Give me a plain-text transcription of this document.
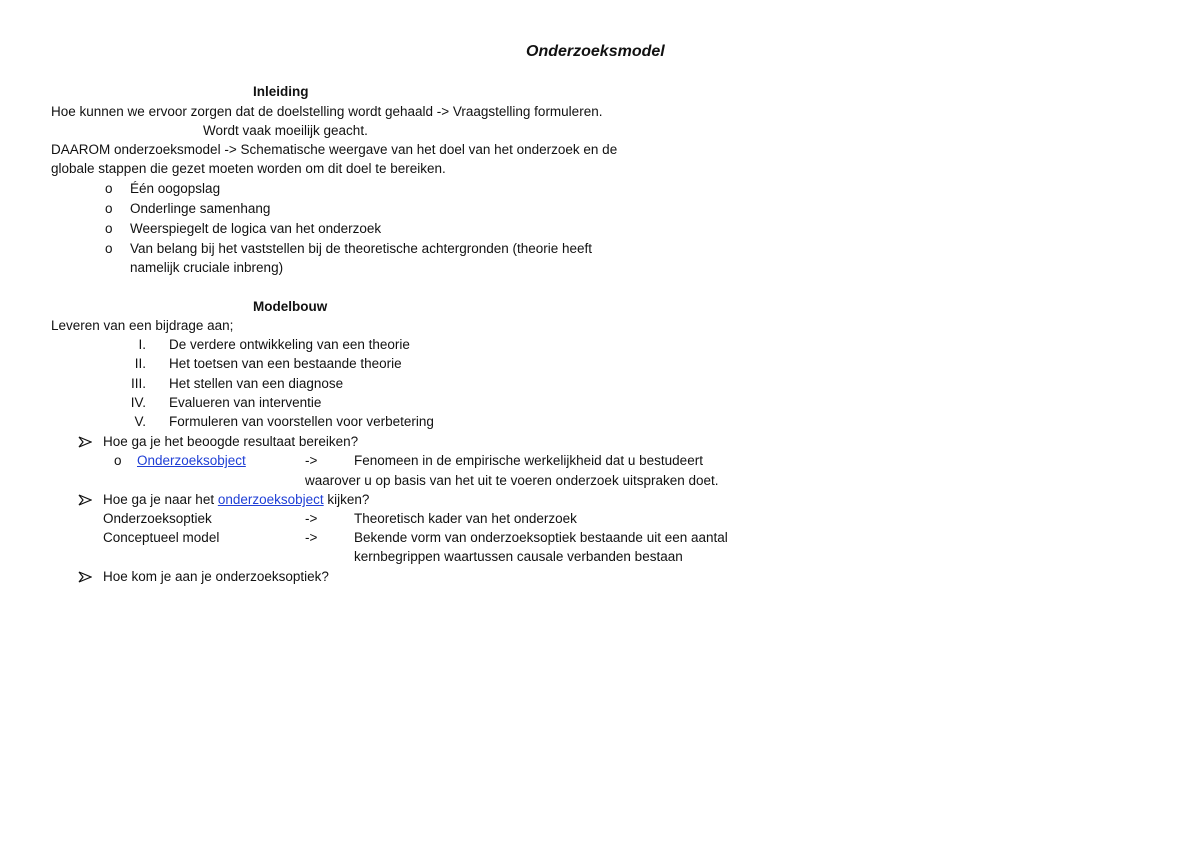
Onderzoeksmodel
Inleiding
Hoe kunnen we ervoor zorgen dat de doelstelling wordt gehaald -> Vraagstelling formuleren.
Wordt vaak moeilijk geacht.
DAAROM onderzoeksmodel -> Schematische weergave van het doel van het onderzoek en de
globale stappen die gezet moeten worden om dit doel te bereiken.
o Één oogopslag
o Onderlinge samenhang
o Weerspiegelt de logica van het onderzoek
o Van belang bij het vaststellen bij de theoretische achtergronden (theorie heeft
namelijk cruciale inbreng)
Modelbouw
Leveren van een bijdrage aan;
I. De verdere ontwikkeling van een theorie
II. Het toetsen van een bestaande theorie
III. Het stellen van een diagnose
IV. Evalueren van interventie
V. Formuleren van voorstellen voor verbetering
Hoe ga je het beoogde resultaat bereiken?
o Onderzoeksobject	->	Fenomeen in de empirische werkelijkheid dat u bestudeert
waarover u op basis van het uit te voeren onderzoek uitspraken doet.
Hoe ga je naar het onderzoeksobject kijken?
Onderzoeksoptiek	->	Theoretisch kader van het onderzoek
Conceptueel model	->	Bekende vorm van onderzoeksoptiek bestaande uit een aantal
kernbegrippen waartussen causale verbanden bestaan
Hoe kom je aan je onderzoeksoptiek?
